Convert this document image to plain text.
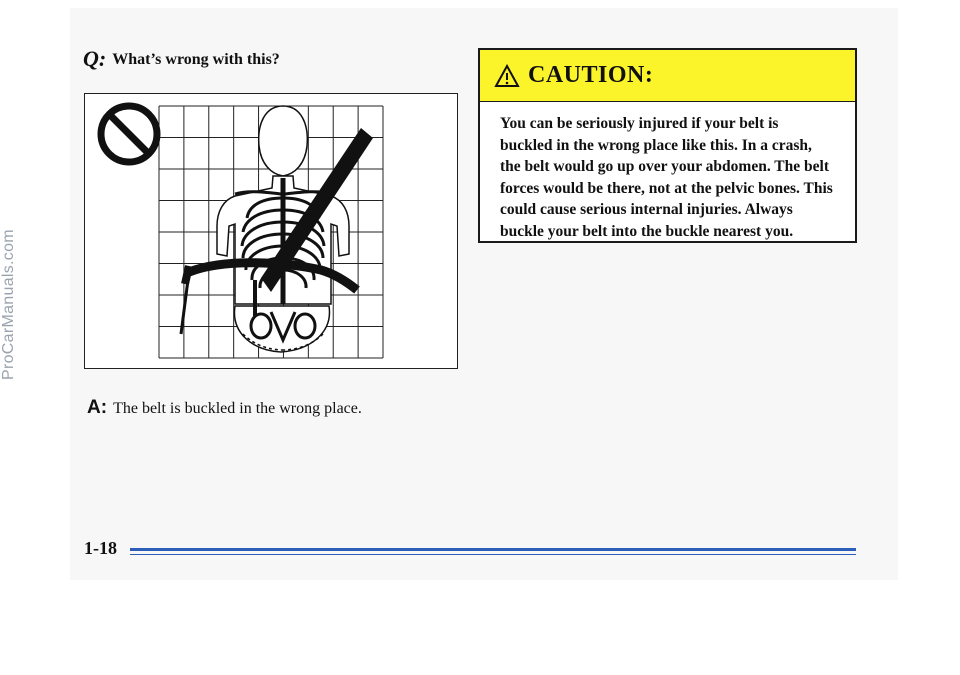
ProCarManuals.com
Q: What’s wrong with this?
A: The belt is buckled in the wrong place.
CAUTION:
You can be seriously injured if your belt is
buckled in the wrong place like this. In a crash,
the belt would go up over your abdomen. The belt
forces would be there, not at the pelvic bones. This
could cause serious internal injuries. Always
buckle your belt into the buckle nearest you.
1-18
